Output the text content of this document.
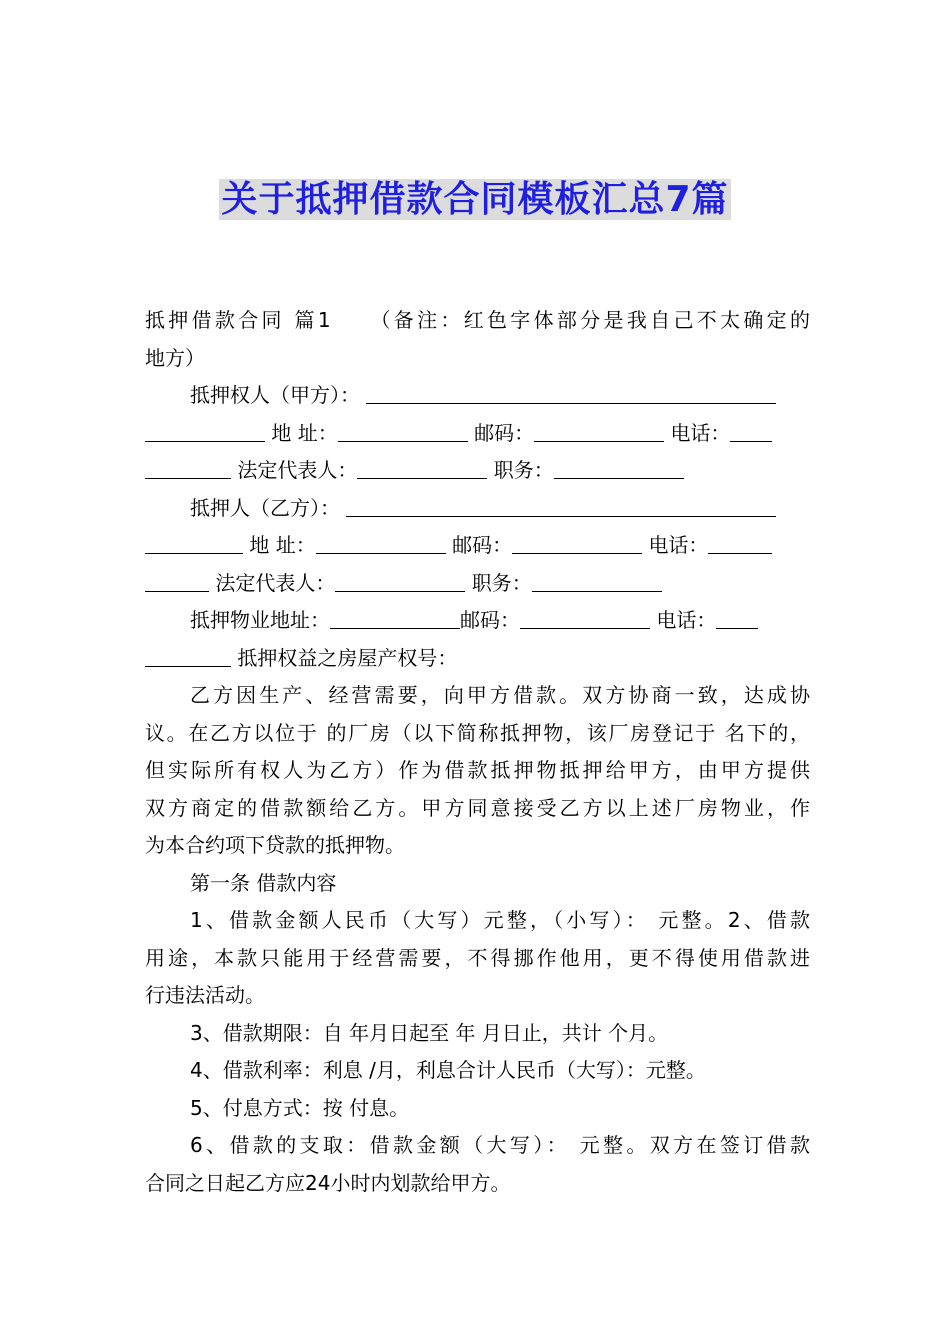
关于抵押借款合同模板汇总7篇
抵押借款合同 篇1　　（备注：红色字体部分是我自己不太确定的
地方）
抵押权人（甲方）：
地 址：	邮码：	电话：
法定代表人：	职务：
抵押人（乙方）：
地 址：	邮码：	电话：
法定代表人：	职务：
抵押物业地址：	邮码：	电话：
抵押权益之房屋产权号：
乙方因生产、经营需要，向甲方借款。双方协商一致，达成协
议。在乙方以位于 的厂房（以下简称抵押物，该厂房登记于 名下的，
但实际所有权人为乙方）作为借款抵押物抵押给甲方，由甲方提供
双方商定的借款额给乙方。甲方同意接受乙方以上述厂房物业，作
为本合约项下贷款的抵押物。
第一条 借款内容
1、借款金额人民币（大写）元整，（小写）： 元整。2、借款
用途，本款只能用于经营需要，不得挪作他用，更不得使用借款进
行违法活动。
3、借款期限：自 年月日起至 年 月日止，共计 个月。
4、借款利率：利息 /月，利息合计人民币（大写）：元整。
5、付息方式：按 付息。
6、借款的支取：借款金额（大写）： 元整。双方在签订借款
合同之日起乙方应24小时内划款给甲方。
